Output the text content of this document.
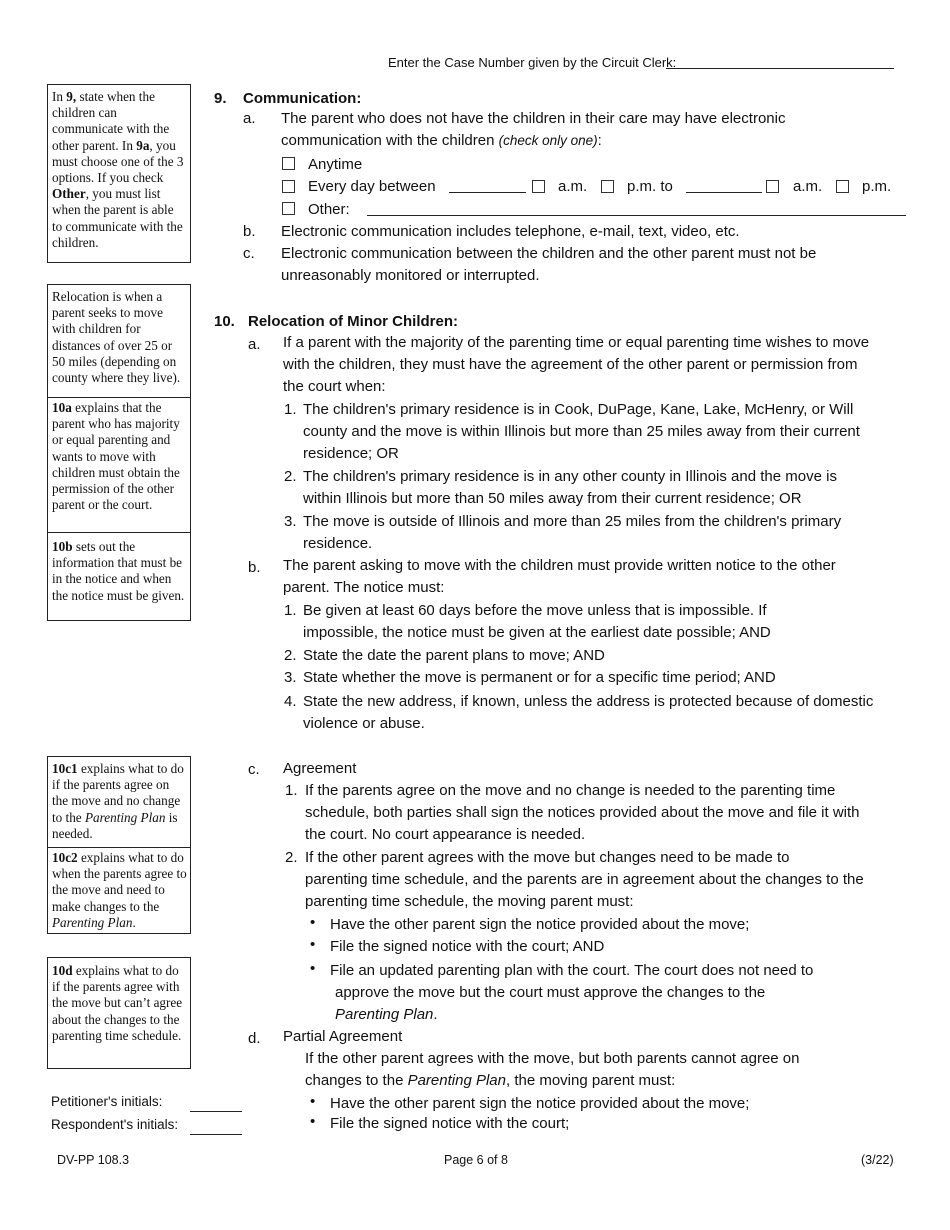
Enter the Case Number given by the Circuit Clerk:
In 9, state when the children can communicate with the other parent. In 9a, you must choose one of the 3 options. If you check Other, you must list when the parent is able to communicate with the children.
Relocation is when a parent seeks to move with children for distances of over 25 or 50 miles (depending on county where they live).
10a explains that the parent who has majority or equal parenting and wants to move with children must obtain the permission of the other parent or the court.
10b sets out the information that must be in the notice and when the notice must be given.
10c1 explains what to do if the parents agree on the move and no change to the Parenting Plan is needed.
10c2 explains what to do when the parents agree to the move and need to make changes to the Parenting Plan.
10d explains what to do if the parents agree with the move but can’t agree about the changes to the parenting time schedule.
9. Communication:
a. The parent who does not have the children in their care may have electronic
communication with the children (check only one):
Anytime
Every day between	a.m.	p.m. to	a.m.	p.m.
Other:
b. Electronic communication includes telephone, e-mail, text, video, etc.
c. Electronic communication between the children and the other parent must not be
unreasonably monitored or interrupted.
10. Relocation of Minor Children:
a. If a parent with the majority of the parenting time or equal parenting time wishes to move
with the children, they must have the agreement of the other parent or permission from
the court when:
1. The children's primary residence is in Cook, DuPage, Kane, Lake, McHenry, or Will
county and the move is within Illinois but more than 25 miles away from their current
residence; OR
2. The children's primary residence is in any other county in Illinois and the move is
within Illinois but more than 50 miles away from their current residence; OR
3. The move is outside of Illinois and more than 25 miles from the children's primary
residence.
b. The parent asking to move with the children must provide written notice to the other
parent. The notice must:
1. Be given at least 60 days before the move unless that is impossible. If
impossible, the notice must be given at the earliest date possible; AND
2. State the date the parent plans to move; AND
3. State whether the move is permanent or for a specific time period; AND
4. State the new address, if known, unless the address is protected because of domestic
violence or abuse.
c. Agreement
1. If the parents agree on the move and no change is needed to the parenting time
schedule, both parties shall sign the notices provided about the move and file it with
the court. No court appearance is needed.
2. If the other parent agrees with the move but changes need to be made to
parenting time schedule, and the parents are in agreement about the changes to the
parenting time schedule, the moving parent must:
• Have the other parent sign the notice provided about the move;
• File the signed notice with the court; AND
• File an updated parenting plan with the court. The court does not need to
approve the move but the court must approve the changes to the
Parenting Plan.
d. Partial Agreement
If the other parent agrees with the move, but both parents cannot agree on
changes to the Parenting Plan, the moving parent must:
• Have the other parent sign the notice provided about the move;
• File the signed notice with the court;
Petitioner's initials:
Respondent's initials:
DV-PP 108.3	Page 6 of 8	(3/22)
